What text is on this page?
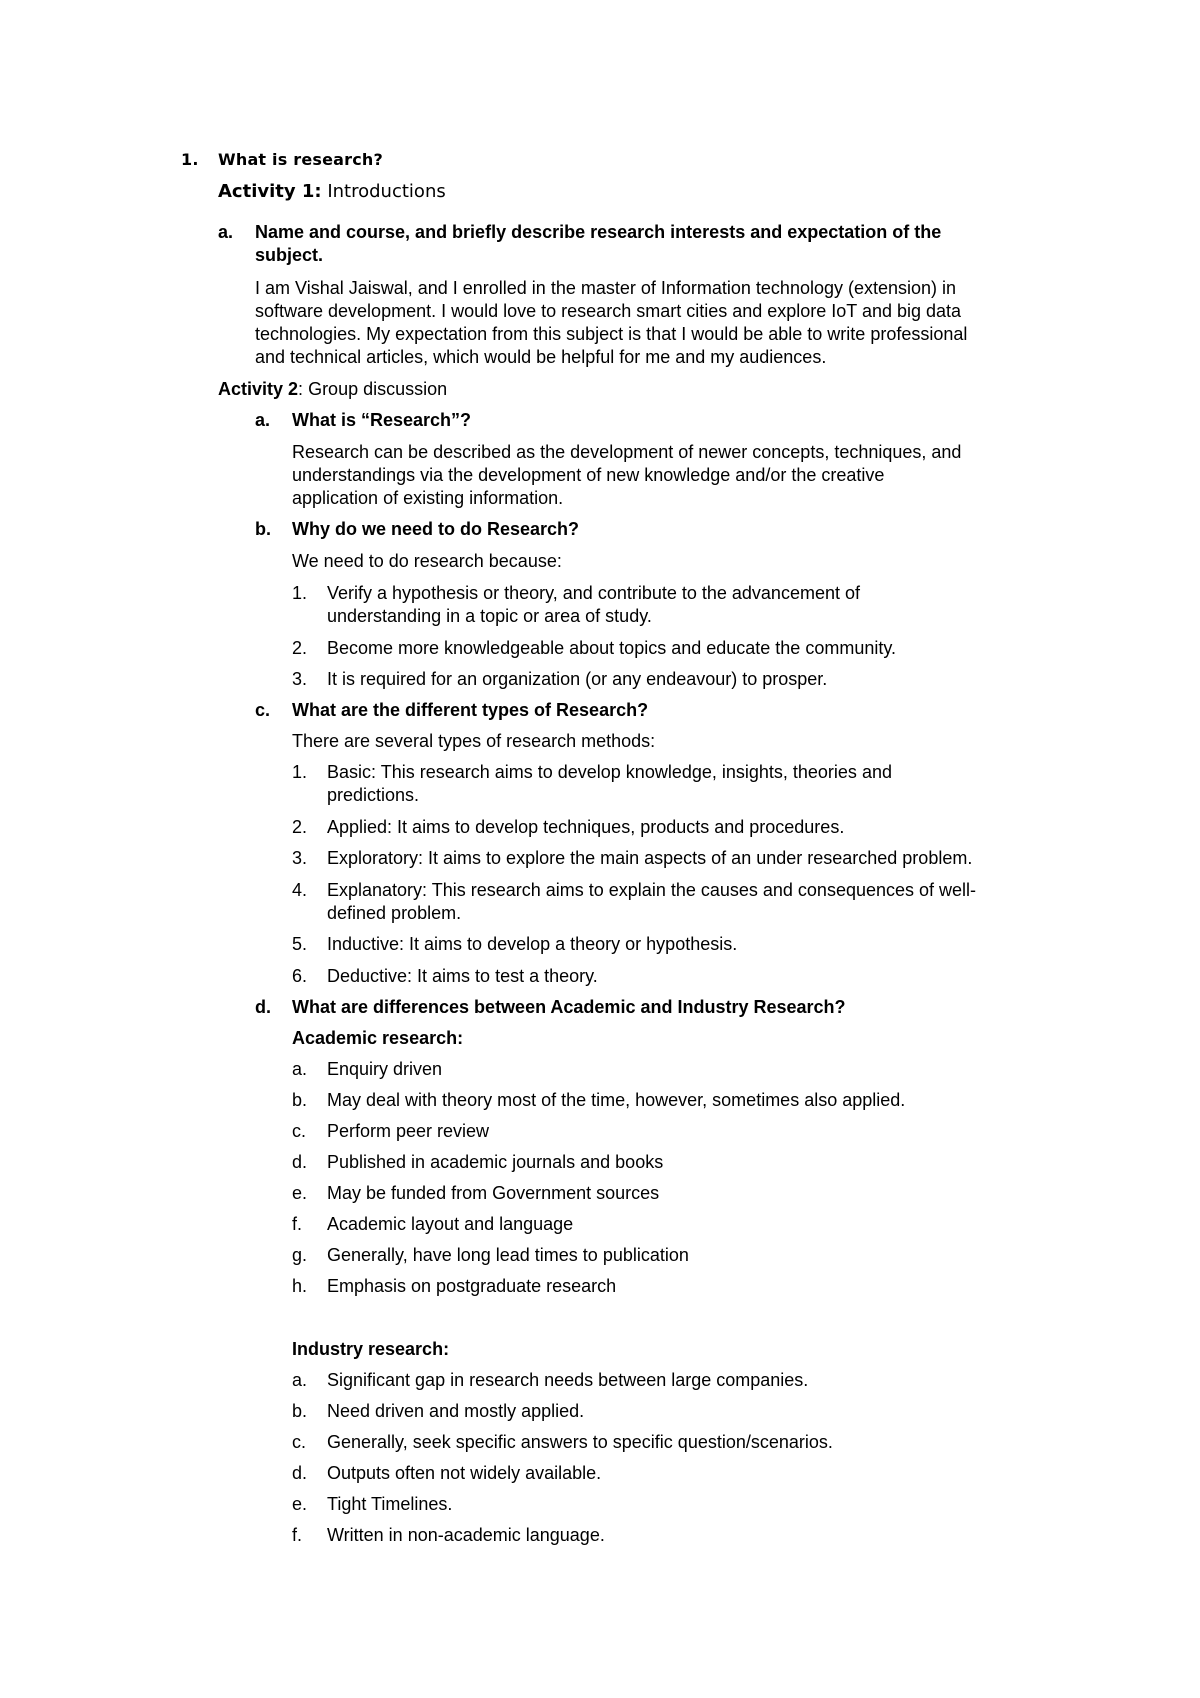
1. What is research?
Activity 1: Introductions
a. Name and course, and briefly describe research interests and expectation of the
subject.
I am Vishal Jaiswal, and I enrolled in the master of Information technology (extension) in
software development. I would love to research smart cities and explore IoT and big data
technologies. My expectation from this subject is that I would be able to write professional
and technical articles, which would be helpful for me and my audiences.
Activity 2: Group discussion
a. What is “Research”?
Research can be described as the development of newer concepts, techniques, and
understandings via the development of new knowledge and/or the creative
application of existing information.
b. Why do we need to do Research?
We need to do research because:
1. Verify a hypothesis or theory, and contribute to the advancement of
understanding in a topic or area of study.
2. Become more knowledgeable about topics and educate the community.
3. It is required for an organization (or any endeavour) to prosper.
c. What are the different types of Research?
There are several types of research methods:
1. Basic: This research aims to develop knowledge, insights, theories and
predictions.
2. Applied: It aims to develop techniques, products and procedures.
3. Exploratory: It aims to explore the main aspects of an under researched problem.
4. Explanatory: This research aims to explain the causes and consequences of well-
defined problem.
5. Inductive: It aims to develop a theory or hypothesis.
6. Deductive: It aims to test a theory.
d. What are differences between Academic and Industry Research?
Academic research:
a. Enquiry driven
b. May deal with theory most of the time, however, sometimes also applied.
c. Perform peer review
d. Published in academic journals and books
e. May be funded from Government sources
f. Academic layout and language
g. Generally, have long lead times to publication
h. Emphasis on postgraduate research
Industry research:
a. Significant gap in research needs between large companies.
b. Need driven and mostly applied.
c. Generally, seek specific answers to specific question/scenarios.
d. Outputs often not widely available.
e. Tight Timelines.
f. Written in non-academic language.
